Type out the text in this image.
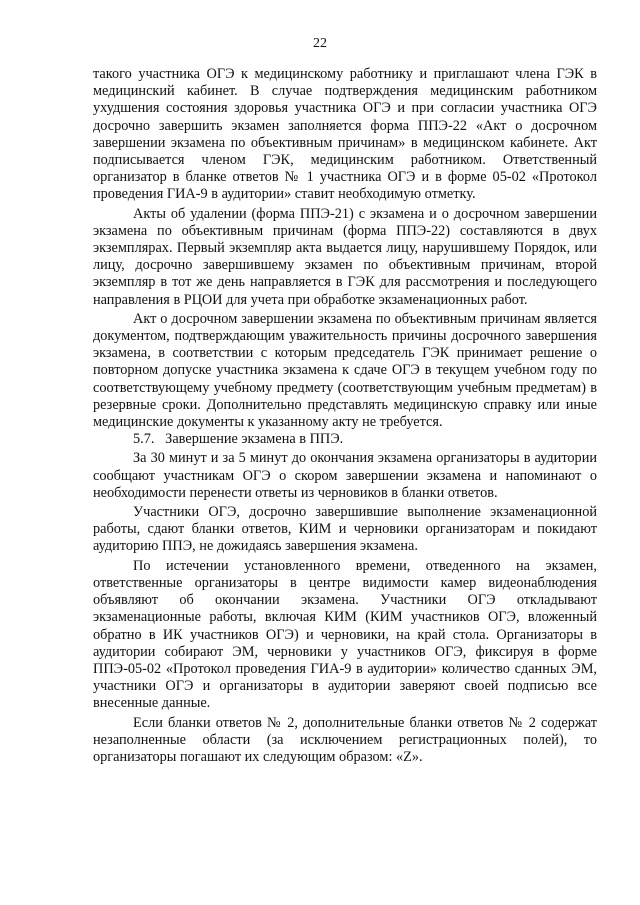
22

такого участника ОГЭ к медицинскому работнику и приглашают члена ГЭК в медицинский кабинет. В случае подтверждения медицинским работником ухудшения состояния здоровья участника ОГЭ и при согласии участника ОГЭ досрочно завершить экзамен заполняется форма ППЭ-22 «Акт о досрочном завершении экзамена по объективным причинам» в медицинском кабинете. Акт подписывается членом ГЭК, медицинским работником. Ответственный организатор в бланке ответов № 1 участника ОГЭ и в форме 05-02 «Протокол проведения ГИА-9 в аудитории» ставит необходимую отметку.

Акты об удалении (форма ППЭ-21) с экзамена и о досрочном завершении экзамена по объективным причинам (форма ППЭ-22) составляются в двух экземплярах. Первый экземпляр акта выдается лицу, нарушившему Порядок, или лицу, досрочно завершившему экзамен по объективным причинам, второй экземпляр в тот же день направляется в ГЭК для рассмотрения и последующего направления в РЦОИ для учета при обработке экзаменационных работ.

Акт о досрочном завершении экзамена по объективным причинам является документом, подтверждающим уважительность причины досрочного завершения экзамена, в соответствии с которым председатель ГЭК принимает решение о повторном допуске участника экзамена к сдаче ОГЭ в текущем учебном году по соответствующему учебному предмету (соответствующим учебным предметам) в резервные сроки. Дополнительно представлять медицинскую справку или иные медицинские документы к указанному акту не требуется.

5.7.   Завершение экзамена в ППЭ.

За 30 минут и за 5 минут до окончания экзамена организаторы в аудитории сообщают участникам ОГЭ о скором завершении экзамена и напоминают о необходимости перенести ответы из черновиков в бланки ответов.

Участники ОГЭ, досрочно завершившие выполнение экзаменационной работы, сдают бланки ответов, КИМ и черновики организаторам и покидают аудиторию ППЭ, не дожидаясь завершения экзамена.

По истечении установленного времени, отведенного на экзамен, ответственные организаторы в центре видимости камер видеонаблюдения объявляют об окончании экзамена. Участники ОГЭ откладывают экзаменационные работы, включая КИМ (КИМ участников ОГЭ, вложенный обратно в ИК участников ОГЭ) и черновики, на край стола. Организаторы в аудитории собирают ЭМ, черновики у участников ОГЭ, фиксируя в форме ППЭ-05-02 «Протокол проведения ГИА-9 в аудитории» количество сданных ЭМ, участники ОГЭ и организаторы в аудитории заверяют своей подписью все внесенные данные.

Если бланки ответов № 2, дополнительные бланки ответов № 2 содержат незаполненные области (за исключением регистрационных полей), то организаторы погашают их следующим образом: «Z».
